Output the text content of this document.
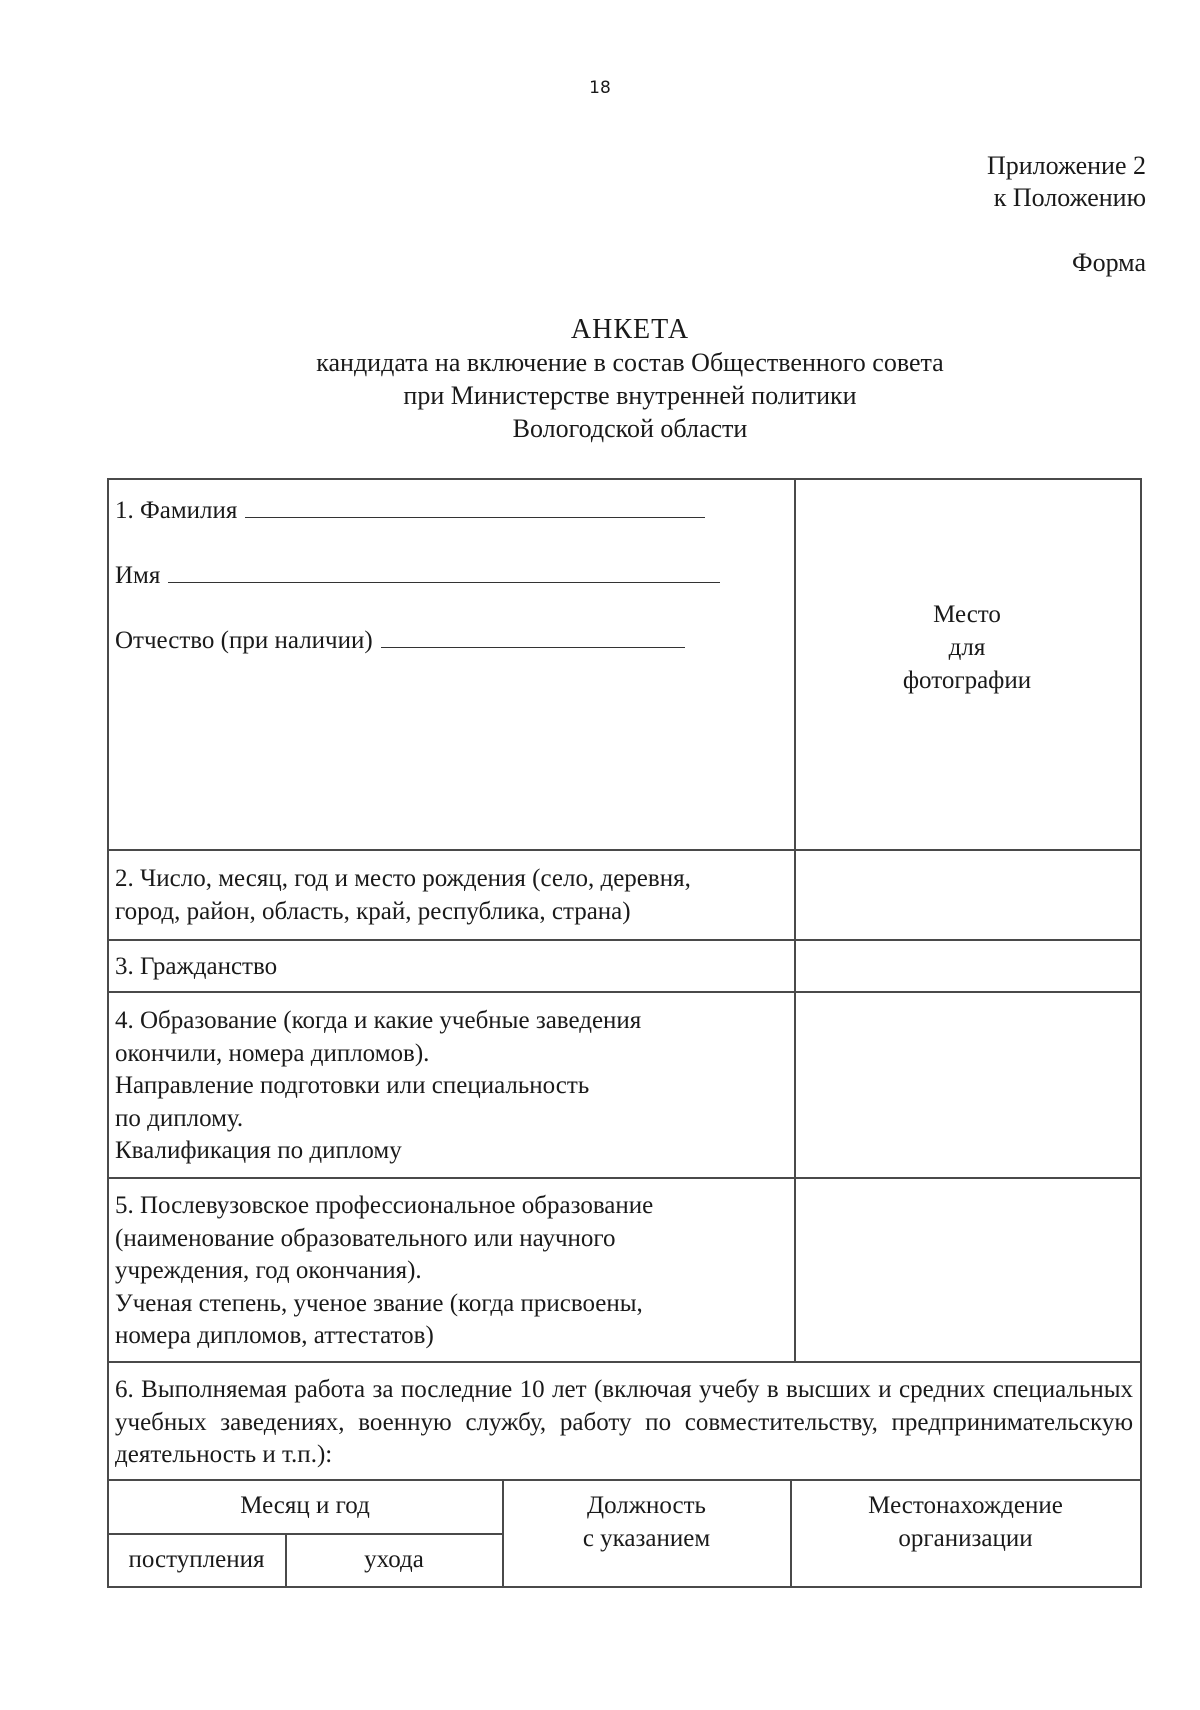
18
Приложение 2
к Положению
Форма
АНКЕТА
кандидата на включение в состав Общественного совета
при Министерстве внутренней политики
Вологодской области
1. Фамилия
Имя
Отчество (при наличии)
Место
для
фотографии
2. Число, месяц, год и место рождения (село, деревня,
город, район, область, край, республика, страна)
3. Гражданство
4. Образование (когда и какие учебные заведения
окончили, номера дипломов).
Направление подготовки или специальность
по диплому.
Квалификация по диплому
5. Послевузовское профессиональное образование
(наименование образовательного или научного
учреждения, год окончания).
Ученая степень, ученое звание (когда присвоены,
номера дипломов, аттестатов)
6. Выполняемая работа за последние 10 лет (включая учебу в высших и средних специальных учебных заведениях, военную службу, работу по совместительству, предпринимательскую деятельность и т.п.):
Месяц и год
поступления	ухода
Должность
с указанием
Местонахождение
организации
